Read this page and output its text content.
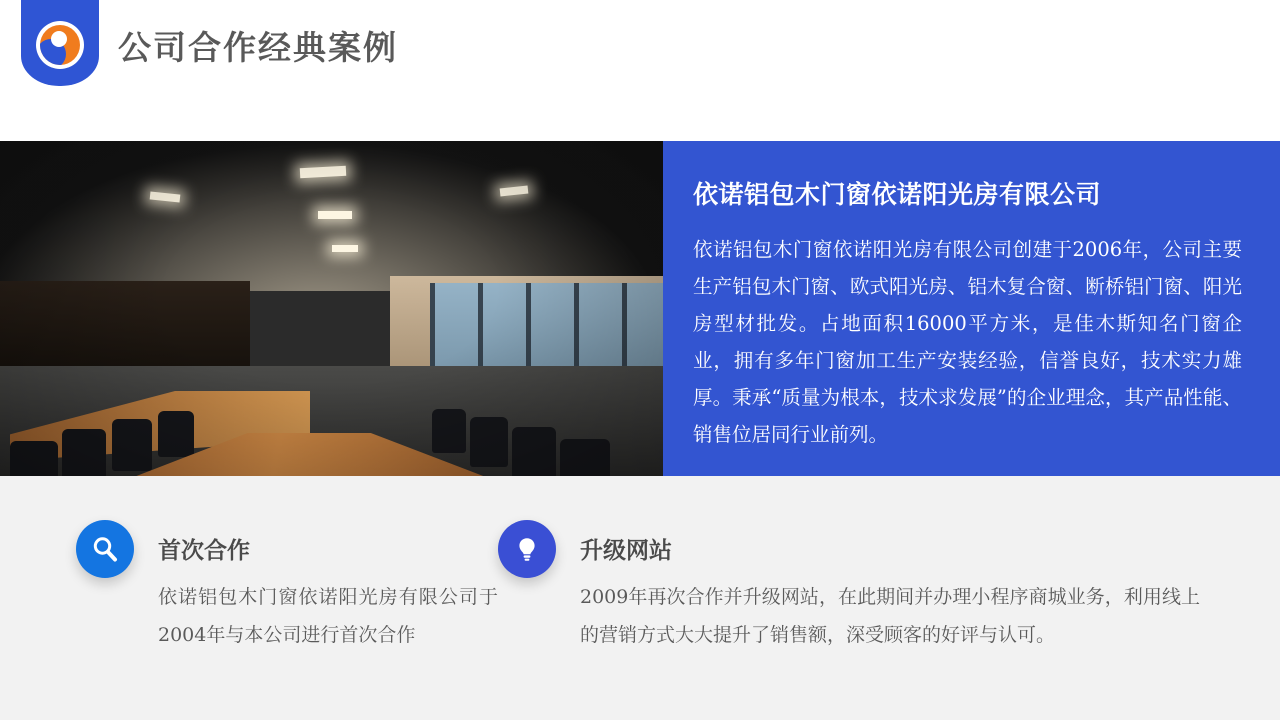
公司合作经典案例
依诺铝包木门窗依诺阳光房有限公司

依诺铝包木门窗依诺阳光房有限公司创建于2006年，公司主要生产铝包木门窗、欧式阳光房、铝木复合窗、断桥铝门窗、阳光房型材批发。占地面积16000平方米，是佳木斯知名门窗企业，拥有多年门窗加工生产安装经验，信誉良好，技术实力雄厚。秉承“质量为根本，技术求发展”的企业理念，其产品性能、销售位居同行业前列。

首次合作
依诺铝包木门窗依诺阳光房有限公司于2004年与本公司进行首次合作
升级网站
2009年再次合作并升级网站，在此期间并办理小程序商城业务，利用线上的营销方式大大提升了销售额，深受顾客的好评与认可。
